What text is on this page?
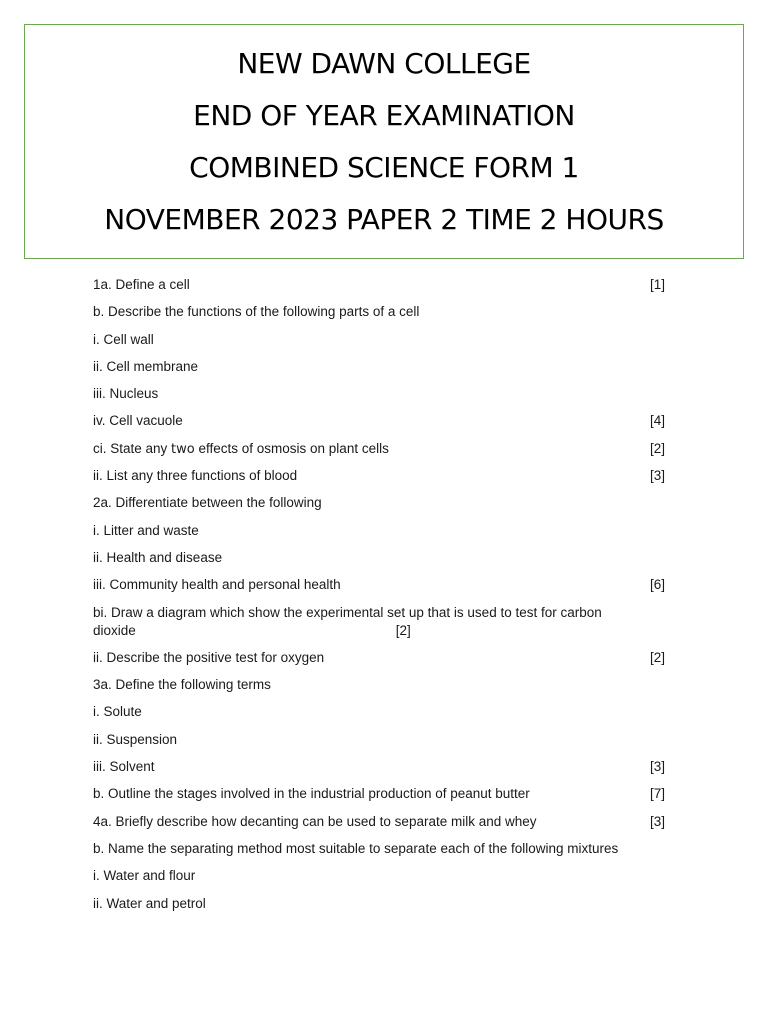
NEW DAWN COLLEGE
END OF YEAR EXAMINATION
COMBINED SCIENCE FORM 1
NOVEMBER 2023 PAPER 2 TIME 2 HOURS
1a. Define a cell	[1]
b. Describe the functions of the following parts of a cell
i. Cell wall
ii. Cell membrane
iii. Nucleus
iv. Cell vacuole	[4]
ci. State any two effects of osmosis on plant cells	[2]
ii. List any three functions of blood	[3]
2a. Differentiate between the following
i. Litter and waste
ii. Health and disease
iii. Community health and personal health	[6]
bi. Draw a diagram which show the experimental set up that is used to test for carbon
dioxide	[2]
ii. Describe the positive test for oxygen	[2]
3a. Define the following terms
i. Solute
ii. Suspension
iii. Solvent	[3]
b. Outline the stages involved in the industrial production of peanut butter	[7]
4a. Briefly describe how decanting can be used to separate milk and whey	[3]
b. Name the separating method most suitable to separate each of the following mixtures
i. Water and flour
ii. Water and petrol
